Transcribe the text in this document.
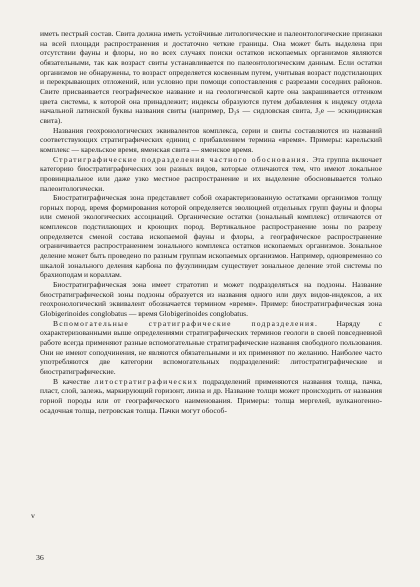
иметь пестрый состав. Свита должна иметь устойчивые литологические и палеонтологические признаки на всей площади распространения и достаточно четкие границы. Она может быть выделена при отсутствии фауны и флоры, но во всех случаях поиски остатков ископаемых организмов являются обязательными, так как возраст свиты устанавливается по палеонтологическим данным. Если остатки организмов не обнаружены, то возраст определяется косвенным путем, учитывая возраст подстилающих и перекрывающих отложений, или условно при помощи сопоставления с разрезами соседних районов. Свите присваивается географическое название и на геологической карте она закрашивается оттенком цвета системы, к которой она принадлежит; индексы образуются путем добавления к индексу отдела начальной латинской буквы названия свиты (например, D₃s — сидловская свита, J₃e — эскиндинская свита).

Названия геохронологических эквивалентов комплекса, серии и свиты составляются из названий соответствующих стратиграфических единиц с прибавлением термина «время». Примеры: карельский комплекс — карельское время, яменская свита — яменское время.

Стратиграфические подразделения частного обоснования. Эта группа включает категорию биостратиграфических зон разных видов, которые отличаются тем, что имеют локальное провинциальное или даже узко местное распространение и их выделение обосновывается только палеонтологически.

Биостратиграфическая зона представляет собой охарактеризованную остатками организмов толщу горных пород, время формирования которой определяется эволюцией отдельных групп фауны и флоры или сменой экологических ассоциаций. Органические остатки (зональный комплекс) отличаются от комплексов подстилающих и кроющих пород. Вертикальное распространение зоны по разрезу определяется сменой состава ископаемой фауны и флоры, а географическое распространение ограничивается распространением зонального комплекса остатков ископаемых организмов. Зональное деление может быть проведено по разным группам ископаемых организмов. Например, одновременно со шкалой зонального деления карбона по фузулинидам существует зональное деление этой системы по брахиоподам и кораллам.

Биостратиграфическая зона имеет стратотип и может подразделяться на подзоны. Название биостратиграфической зоны подзоны образуется из названия одного или двух видов-индексов, а их геохронологический эквивалент обозначается термином «время». Пример: биостратиграфическая зона Globigerinoides conglobatus — время Globigerinoides conglobatus.

Вспомогательные стратиграфические подразделения. Наряду с охарактеризованными выше определениями стратиграфических терминов геологи в своей повседневной работе всегда применяют разные вспомогательные стратиграфические названия свободного пользования. Они не имеют соподчинения, не являются обязательными и их применяют по желанию. Наиболее часто употребляются две категории вспомогательных подразделений: литостратиграфические и биостратиграфические.

В качестве литостратиграфических подразделений применяются названия толща, пачка, пласт, слой, залежь, маркирующий горизонт, линза и др. Название толщи может происходить от названия горной породы или от географического наименования. Примеры: толща мергелей, вулканогенно-осадочная толща, петровская толща. Пачки могут обособ-

v
36
